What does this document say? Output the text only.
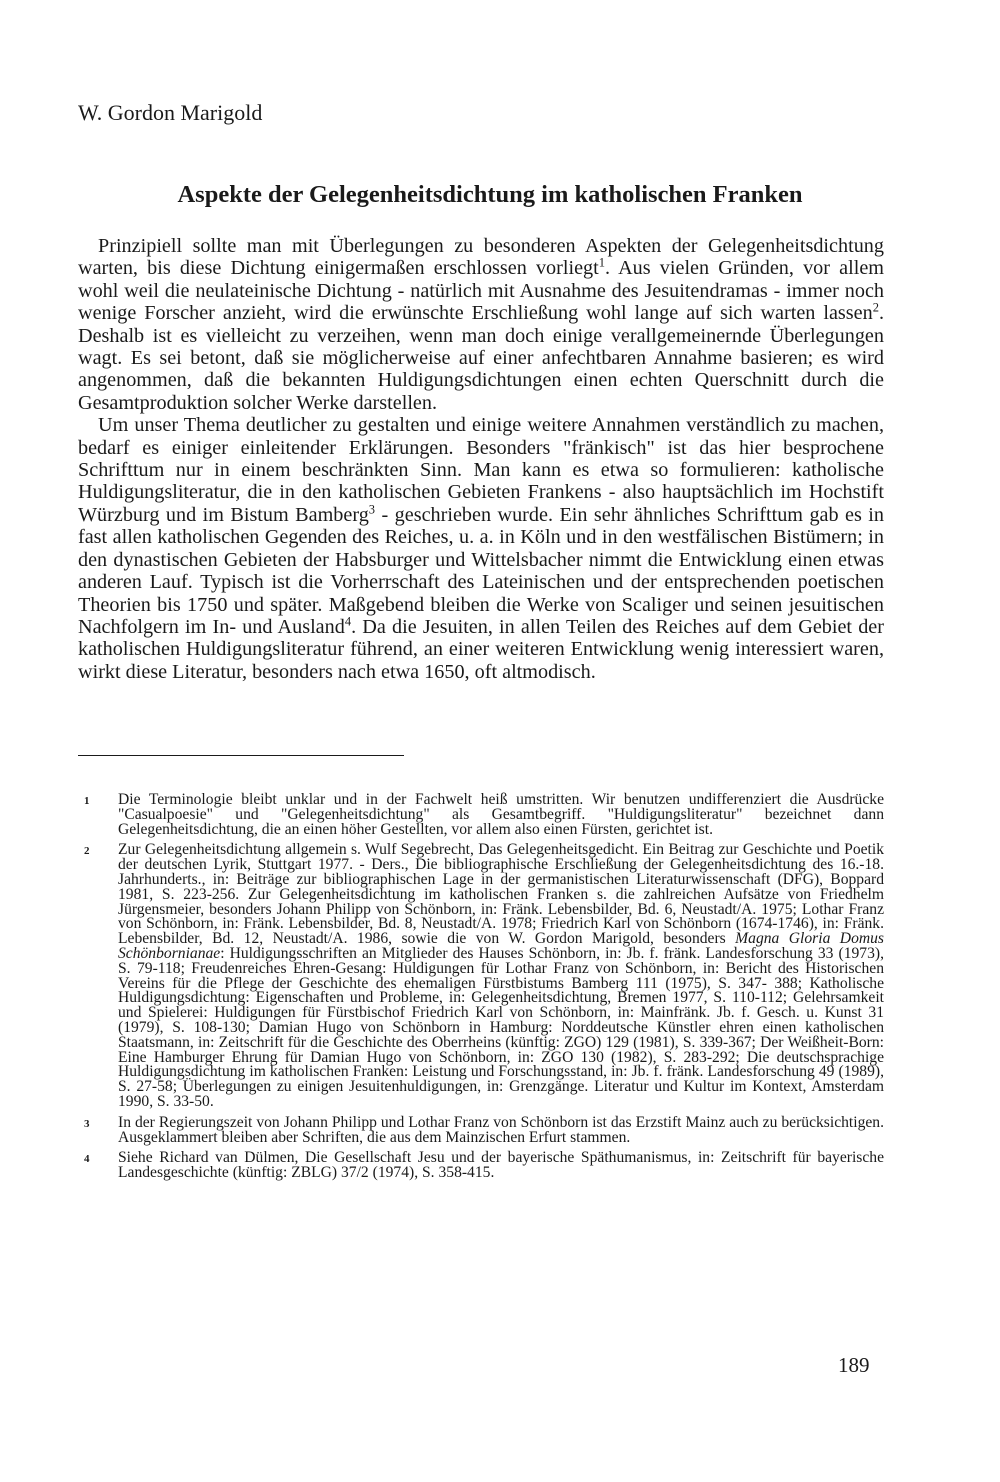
W. Gordon Marigold
Aspekte der Gelegenheitsdichtung im katholischen Franken

Prinzipiell sollte man mit Überlegungen zu besonderen Aspekten der Gelegenheitsdichtung warten, bis diese Dichtung einigermaßen erschlossen vorliegt$^1$. Aus vielen Gründen, vor allem wohl weil die neulateinische Dichtung - natürlich mit Ausnahme des Jesuitendramas - immer noch wenige Forscher anzieht, wird die erwünschte Erschließung wohl lange auf sich warten lassen$^2$. Deshalb ist es vielleicht zu verzeihen, wenn man doch einige verallgemeinernde Überlegungen wagt. Es sei betont, daß sie möglicherweise auf einer anfechtbaren Annahme basieren; es wird angenommen, daß die bekannten Huldigungsdichtungen einen echten Querschnitt durch die Gesamtproduktion solcher Werke darstellen.

Um unser Thema deutlicher zu gestalten und einige weitere Annahmen verständlich zu machen, bedarf es einiger einleitender Erklärungen. Besonders "fränkisch" ist das hier besprochene Schrifttum nur in einem beschränkten Sinn. Man kann es etwa so formulieren: katholische Huldigungsliteratur, die in den katholischen Gebieten Frankens - also hauptsächlich im Hochstift Würzburg und im Bistum Bamberg$^3$ - geschrieben wurde. Ein sehr ähnliches Schrifttum gab es in fast allen katholischen Gegenden des Reiches, u. a. in Köln und in den westfälischen Bistümern; in den dynastischen Gebieten der Habsburger und Wittelsbacher nimmt die Entwicklung einen etwas anderen Lauf. Typisch ist die Vorherrschaft des Lateinischen und der entsprechenden poetischen Theorien bis 1750 und später. Maßgebend bleiben die Werke von Scaliger und seinen jesuitischen Nachfolgern im In- und Ausland$^4$. Da die Jesuiten, in allen Teilen des Reiches auf dem Gebiet der katholischen Huldigungsliteratur führend, an einer weiteren Entwicklung wenig interessiert waren, wirkt diese Literatur, besonders nach etwa 1650, oft altmodisch.

1	Die Terminologie bleibt unklar und in der Fachwelt heiß umstritten. Wir benutzen undifferenziert die Ausdrücke "Casualpoesie" und "Gelegenheitsdichtung" als Gesamtbegriff. "Huldigungsliteratur" bezeichnet dann Gelegenheitsdichtung, die an einen höher Gestellten, vor allem also einen Fürsten, gerichtet ist.
2	Zur Gelegenheitsdichtung allgemein s. Wulf Segebrecht, Das Gelegenheitsgedicht. Ein Beitrag zur Geschichte und Poetik der deutschen Lyrik, Stuttgart 1977. - Ders., Die bibliographische Erschließung der Gelegenheitsdichtung des 16.-18. Jahrhunderts., in: Beiträge zur bibliographischen Lage in der germanistischen Literaturwissenschaft (DFG), Boppard 1981, S. 223-256. Zur Gelegenheitsdichtung im katholischen Franken s. die zahlreichen Aufsätze von Friedhelm Jürgensmeier, besonders Johann Philipp von Schönborn, in: Fränk. Lebensbilder, Bd. 6, Neustadt/A. 1975; Lothar Franz von Schönborn, in: Fränk. Lebensbilder, Bd. 8, Neustadt/A. 1978; Friedrich Karl von Schönborn (1674-1746), in: Fränk. Lebensbilder, Bd. 12, Neustadt/A. 1986, sowie die von W. Gordon Marigold, besonders Magna Gloria Domus Schönbornianae: Huldigungsschriften an Mitglieder des Hauses Schönborn, in: Jb. f. fränk. Landesforschung 33 (1973), S. 79-118; Freudenreiches Ehren-Gesang: Huldigungen für Lothar Franz von Schönborn, in: Bericht des Historischen Vereins für die Pflege der Geschichte des ehemaligen Fürstbistums Bamberg 111 (1975), S. 347- 388; Katholische Huldigungsdichtung: Eigenschaften und Probleme, in: Gelegenheitsdichtung, Bremen 1977, S. 110-112; Gelehrsamkeit und Spielerei: Huldigungen für Fürstbischof Friedrich Karl von Schönborn, in: Mainfränk. Jb. f. Gesch. u. Kunst 31 (1979), S. 108-130; Damian Hugo von Schönborn in Hamburg: Norddeutsche Künstler ehren einen katholischen Staatsmann, in: Zeitschrift für die Geschichte des Oberrheins (künftig: ZGO) 129 (1981), S. 339-367; Der Weißheit-Born: Eine Hamburger Ehrung für Damian Hugo von Schönborn, in: ZGO 130 (1982), S. 283-292; Die deutschsprachige Huldigungsdichtung im katholischen Franken: Leistung und Forschungsstand, in: Jb. f. fränk. Landesforschung 49 (1989), S. 27-58; Überlegungen zu einigen Jesuitenhuldigungen, in: Grenzgänge. Literatur und Kultur im Kontext, Amsterdam 1990, S. 33-50.
3	In der Regierungszeit von Johann Philipp und Lothar Franz von Schönborn ist das Erzstift Mainz auch zu berücksichtigen. Ausgeklammert bleiben aber Schriften, die aus dem Mainzischen Erfurt stammen.
4	Siehe Richard van Dülmen, Die Gesellschaft Jesu und der bayerische Späthumanismus, in: Zeitschrift für bayerische Landesgeschichte (künftig: ZBLG) 37/2 (1974), S. 358-415.
189
